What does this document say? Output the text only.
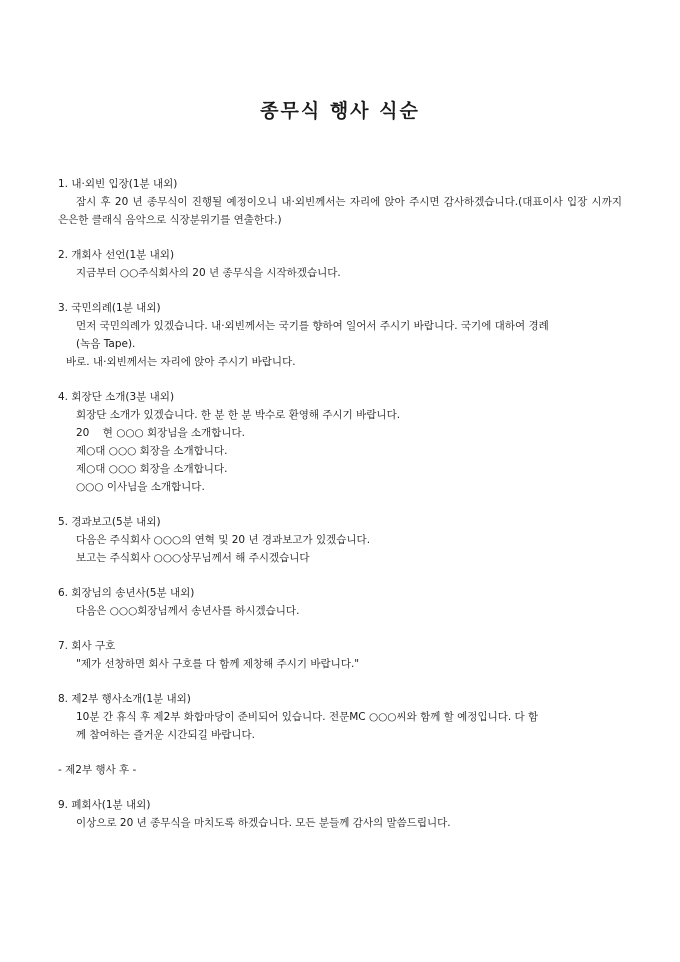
종무식 행사 식순

1. 내·외빈 입장(1분 내외)

잠시 후 20 년 종무식이 진행될 예정이오니 내·외빈께서는 자리에 앉아 주시면 감사하겠습니다.(대표이사 입장 시까지 은은한 클래식 음악으로 식장분위기를 연출한다.)

2. 개회사 선언(1분 내외)

지금부터 ○○주식회사의 20 년 종무식을 시작하겠습니다.

3. 국민의례(1분 내외)

먼저 국민의례가 있겠습니다. 내·외빈께서는 국기를 향하여 일어서 주시기 바랍니다. 국기에 대하여 경례

(녹음 Tape).

바로. 내·외빈께서는 자리에 앉아 주시기 바랍니다.

4. 회장단 소개(3분 내외)

회장단 소개가 있겠습니다. 한 분 한 분 박수로 환영해 주시기 바랍니다.

20    현 ○○○ 회장님을 소개합니다.

제○대 ○○○ 회장을 소개합니다.

제○대 ○○○ 회장을 소개합니다.

○○○ 이사님을 소개합니다.

5. 경과보고(5분 내외)

다음은 주식회사 ○○○의 연혁 및 20 년 경과보고가 있겠습니다.

보고는 주식회사 ○○○상무님께서 해 주시겠습니다

6. 회장님의 송년사(5분 내외)

다음은 ○○○회장님께서 송년사를 하시겠습니다.

7. 회사 구호

"제가 선창하면 회사 구호를 다 함께 제창해 주시기 바랍니다."

8. 제2부 행사소개(1분 내외)

10분 간 휴식 후 제2부 화합마당이 준비되어 있습니다. 전문MC ○○○씨와 함께 할 예정입니다. 다 함

께 참여하는 즐거운 시간되길 바랍니다.

- 제2부 행사 후 -

9. 폐회사(1분 내외)

이상으로 20 년 종무식을 마치도록 하겠습니다. 모든 분들께 감사의 말씀드립니다.
